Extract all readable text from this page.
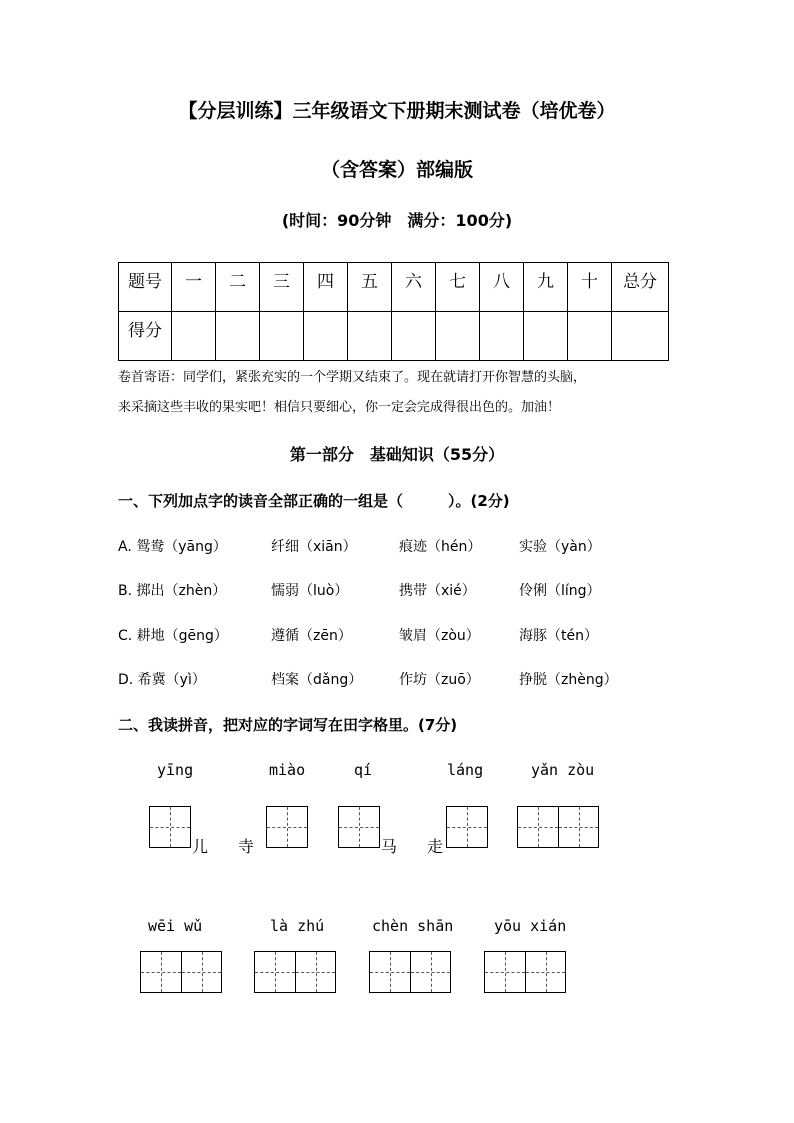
【分层训练】三年级语文下册期末测试卷（培优卷）
（含答案）部编版
(时间：90分钟　满分：100分)
题号	一	二	三	四	五	六	七	八	九	十	总分
得分											
卷首寄语：同学们，紧张充实的一个学期又结束了。现在就请打开你智慧的头脑，
来采摘这些丰收的果实吧！相信只要细心，你一定会完成得很出色的。加油！
第一部分　基础知识（55分）
一、下列加点字的读音全部正确的一组是（　　　）。(2分)
A. 鸳鸯（yāng）	纤细（xiān）	痕迹（hén）	实验（yàn）
B. 掷出（zhèn）	懦弱（luò）	携带（xié）	伶俐（líng）
C. 耕地（gēng）	遵循（zēn）	皱眉（zòu）	海豚（tén）
D. 希冀（yì）	档案（dǎng）	作坊（zuō）	挣脱（zhèng）
二、我读拼音，把对应的字词写在田字格里。(7分)
yīng	miào	qí	láng	yǎn zòu
儿 寺	马 走
wēi wǔ	là zhú	chèn shān	yōu xián
